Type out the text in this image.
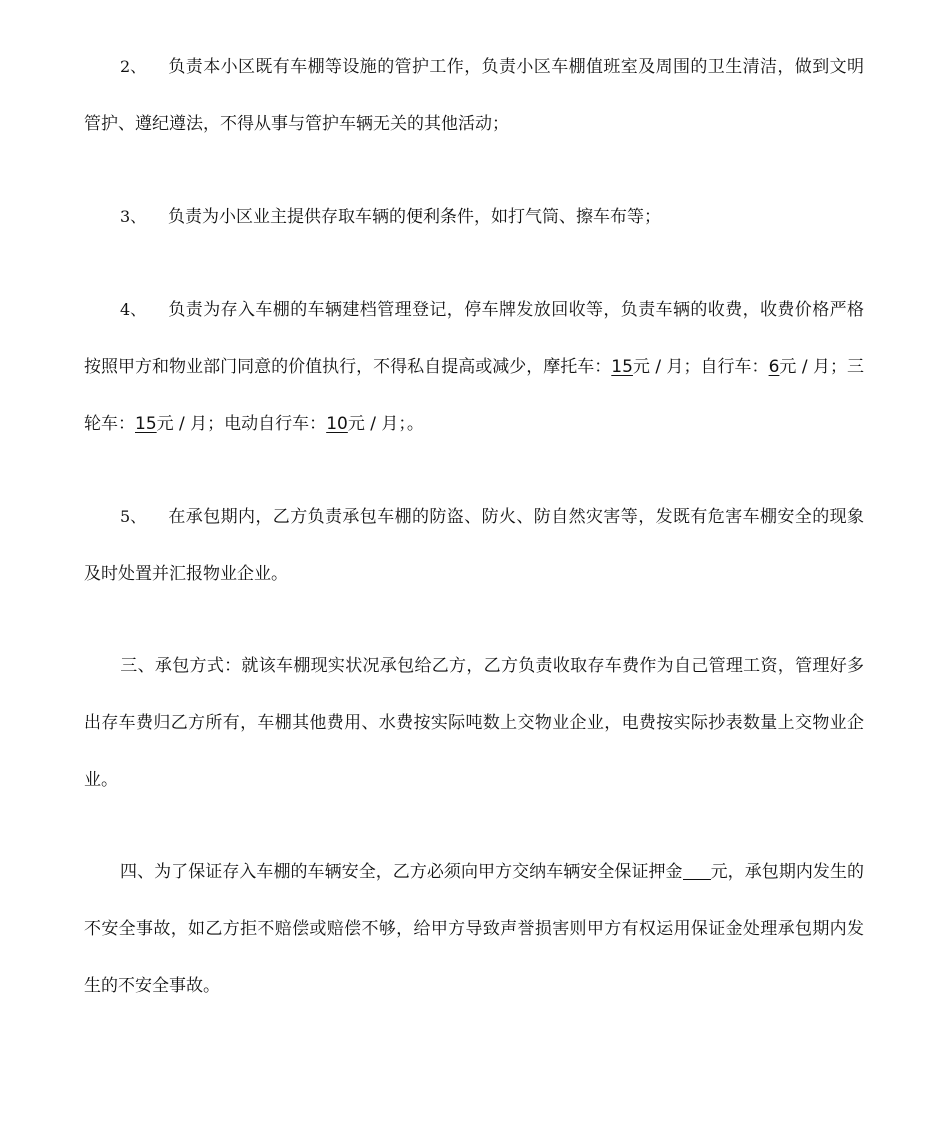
2、 负责本小区既有车棚等设施的管护工作，负责小区车棚值班室及周围的卫生清洁，做到文明管护、遵纪遵法，不得从事与管护车辆无关的其他活动；

3、 负责为小区业主提供存取车辆的便利条件，如打气筒、擦车布等；

4、 负责为存入车棚的车辆建档管理登记，停车牌发放回收等，负责车辆的收费，收费价格严格按照甲方和物业部门同意的价值执行，不得私自提高或减少，摩托车：15元 / 月；自行车：6元 / 月；三轮车：15元 / 月；电动自行车：10元 / 月；。

5、 在承包期内，乙方负责承包车棚的防盗、防火、防自然灾害等，发既有危害车棚安全的现象及时处置并汇报物业企业。

三、承包方式：就该车棚现实状况承包给乙方，乙方负责收取存车费作为自己管理工资，管理好多出存车费归乙方所有，车棚其他费用、水费按实际吨数上交物业企业，电费按实际抄表数量上交物业企业。

四、为了保证存入车棚的车辆安全，乙方必须向甲方交纳车辆安全保证押金 元，承包期内发生的不安全事故，如乙方拒不赔偿或赔偿不够，给甲方导致声誉损害则甲方有权运用保证金处理承包期内发生的不安全事故。
